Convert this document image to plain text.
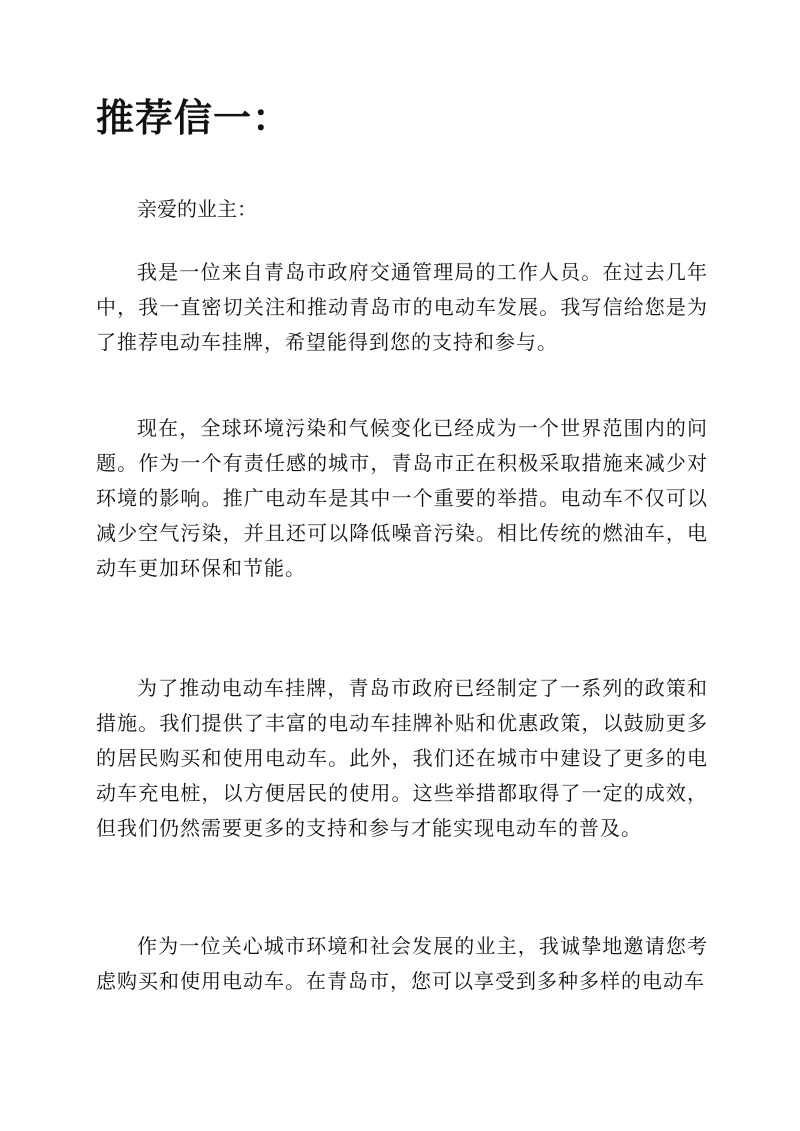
推荐信一：

亲爱的业主：

我是一位来自青岛市政府交通管理局的工作人员。在过去几年中，我一直密切关注和推动青岛市的电动车发展。我写信给您是为了推荐电动车挂牌，希望能得到您的支持和参与。

现在，全球环境污染和气候变化已经成为一个世界范围内的问题。作为一个有责任感的城市，青岛市正在积极采取措施来减少对环境的影响。推广电动车是其中一个重要的举措。电动车不仅可以减少空气污染，并且还可以降低噪音污染。相比传统的燃油车，电动车更加环保和节能。

为了推动电动车挂牌，青岛市政府已经制定了一系列的政策和措施。我们提供了丰富的电动车挂牌补贴和优惠政策，以鼓励更多的居民购买和使用电动车。此外，我们还在城市中建设了更多的电动车充电桩，以方便居民的使用。这些举措都取得了一定的成效，但我们仍然需要更多的支持和参与才能实现电动车的普及。

作为一位关心城市环境和社会发展的业主，我诚挚地邀请您考虑购买和使用电动车。在青岛市，您可以享受到多种多样的电动车
